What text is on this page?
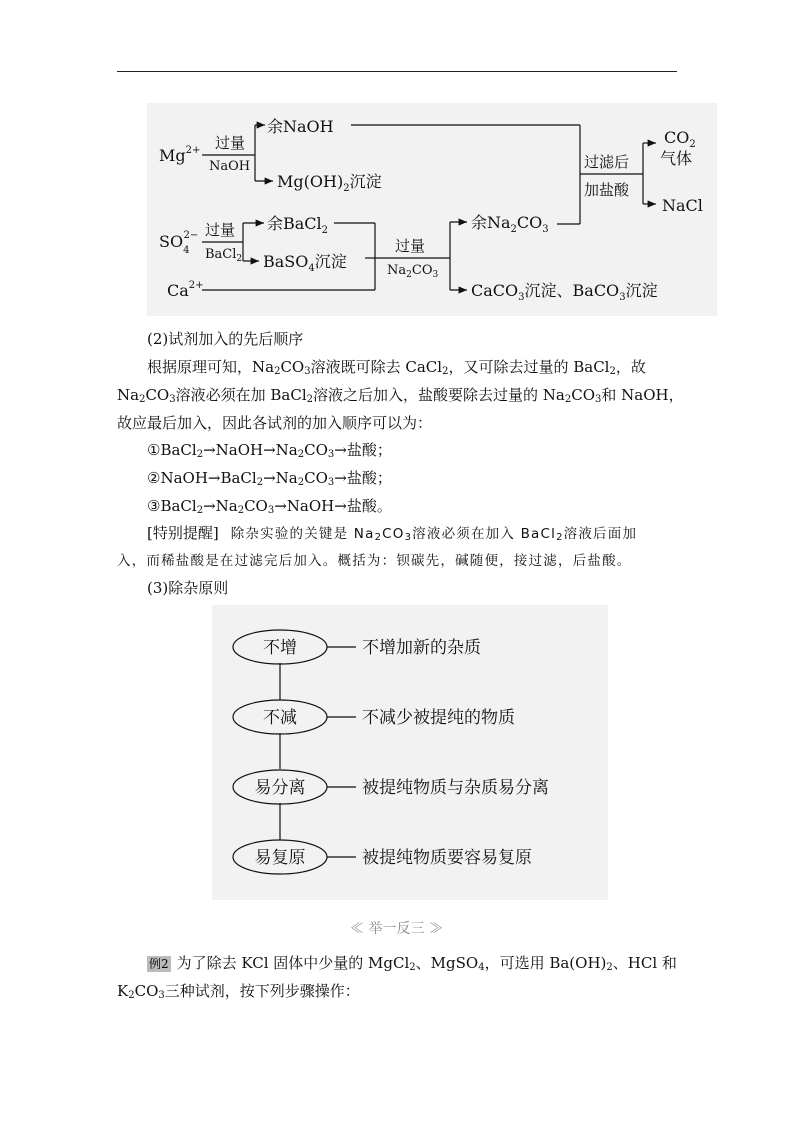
$Mg^{2+}$
$SO_42-$
$Ca^{2+}$
过量
NaOH
余NaOH
$Mg(OH)_2$沉淀
过量
BaCl$_2$
余BaCl$_2$
BaSO$_4$沉淀
过量
$Na_2CO_3$
余$Na_2CO_3$
CaCO$_3$沉淀、BaCO$_3$沉淀
过滤后
加盐酸
$CO_2$
气体
NaCl
(2)试剂加入的先后顺序
根据原理可知，$Na_2CO_3$溶液既可除去 CaCl$_2$，又可除去过量的 BaCl$_2$，故
$Na_2CO_3$溶液必须在加 BaCl$_2$溶液之后加入，盐酸要除去过量的 $Na_2CO_3$和 NaOH，
故应最后加入，因此各试剂的加入顺序可以为：
$①BaCl_2\to NaOH\to Na_2CO_3\to$盐酸；
$②NaOH\to BaCl_2\to Na_2CO_3\to$盐酸；
$③BaCl_2\to Na_2CO_3\to NaOH\to$盐酸。
[特别提醒] 除杂实验的关键是 $Na_2CO_3$溶液必须在加入 BaCl$_2$溶液后面加
入，而稀盐酸是在过滤完后加入。概括为：钡碳先，碱随便，接过滤，后盐酸。
(3)除杂原则
不增
不减
易分离
易复原
不增加新的杂质
不减少被提纯的物质
被提纯物质与杂质易分离
被提纯物质要容易复原
≪ 举一反三 ≫
例2 为了除去 KCl 固体中少量的 MgCl$_2$、MgSO$_4$，可选用 $Ba(OH)_2$、HCl 和
$K_2CO_3$三种试剂，按下列步骤操作：
